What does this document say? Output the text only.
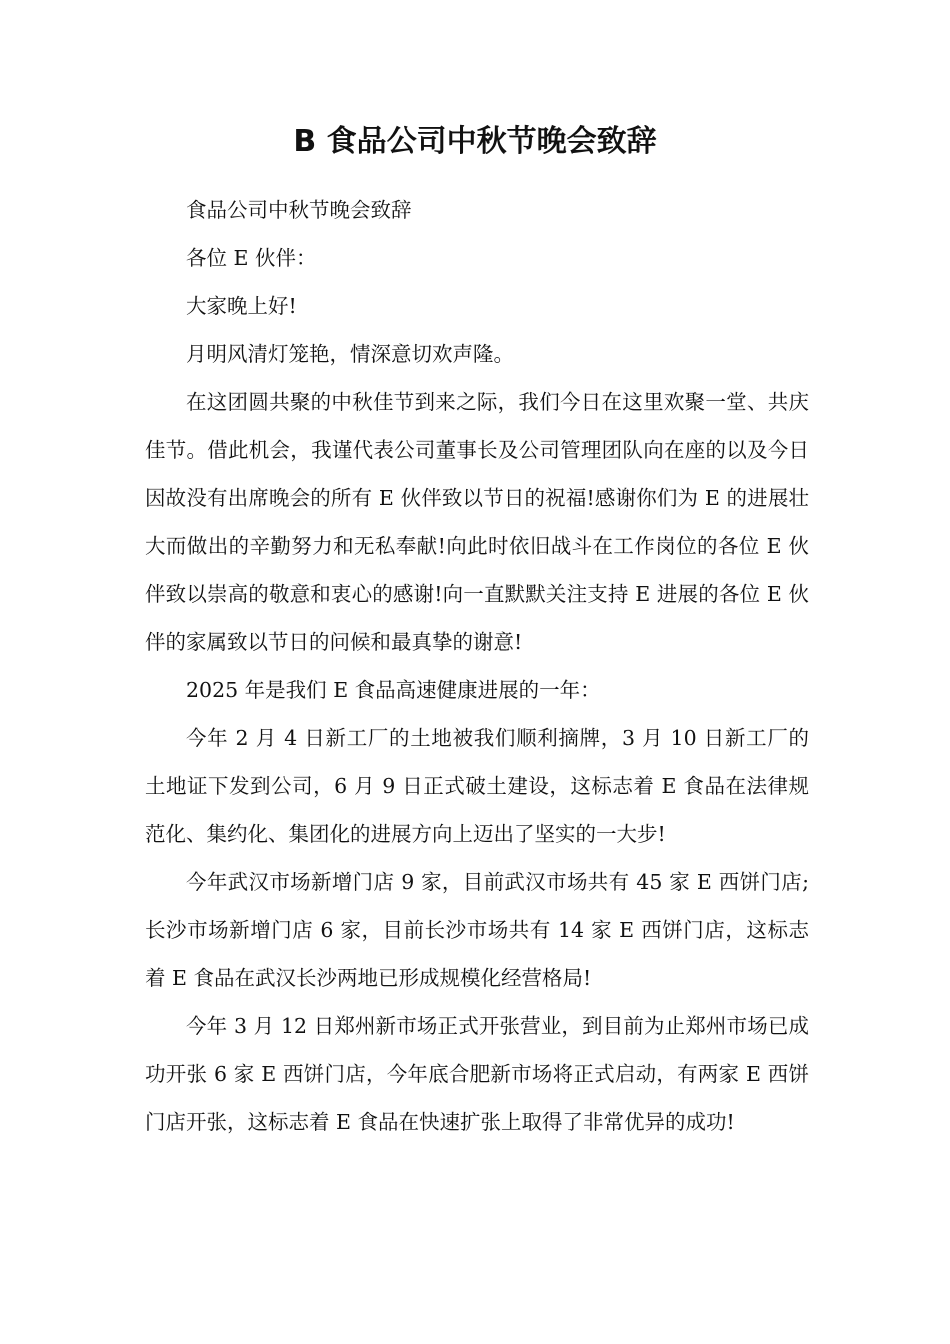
B 食品公司中秋节晚会致辞

食品公司中秋节晚会致辞

各位 E 伙伴：

大家晚上好!

月明风清灯笼艳，情深意切欢声隆。

在这团圆共聚的中秋佳节到来之际，我们今日在这里欢聚一堂、共庆佳节。借此机会，我谨代表公司董事长及公司管理团队向在座的以及今日因故没有出席晚会的所有 E 伙伴致以节日的祝福!感谢你们为 E 的进展壮大而做出的辛勤努力和无私奉献!向此时依旧战斗在工作岗位的各位 E 伙伴致以崇高的敬意和衷心的感谢!向一直默默关注支持 E 进展的各位 E 伙伴的家属致以节日的问候和最真挚的谢意!

2025 年是我们 E 食品高速健康进展的一年：

今年 2 月 4 日新工厂的土地被我们顺利摘牌，3 月 10 日新工厂的土地证下发到公司，6 月 9 日正式破土建设，这标志着 E 食品在法律规范化、集约化、集团化的进展方向上迈出了坚实的一大步!

今年武汉市场新增门店 9 家，目前武汉市场共有 45 家 E 西饼门店;长沙市场新增门店 6 家，目前长沙市场共有 14 家 E 西饼门店，这标志着 E 食品在武汉长沙两地已形成规模化经营格局!

今年 3 月 12 日郑州新市场正式开张营业，到目前为止郑州市场已成功开张 6 家 E 西饼门店，今年底合肥新市场将正式启动，有两家 E 西饼门店开张，这标志着 E 食品在快速扩张上取得了非常优异的成功!
